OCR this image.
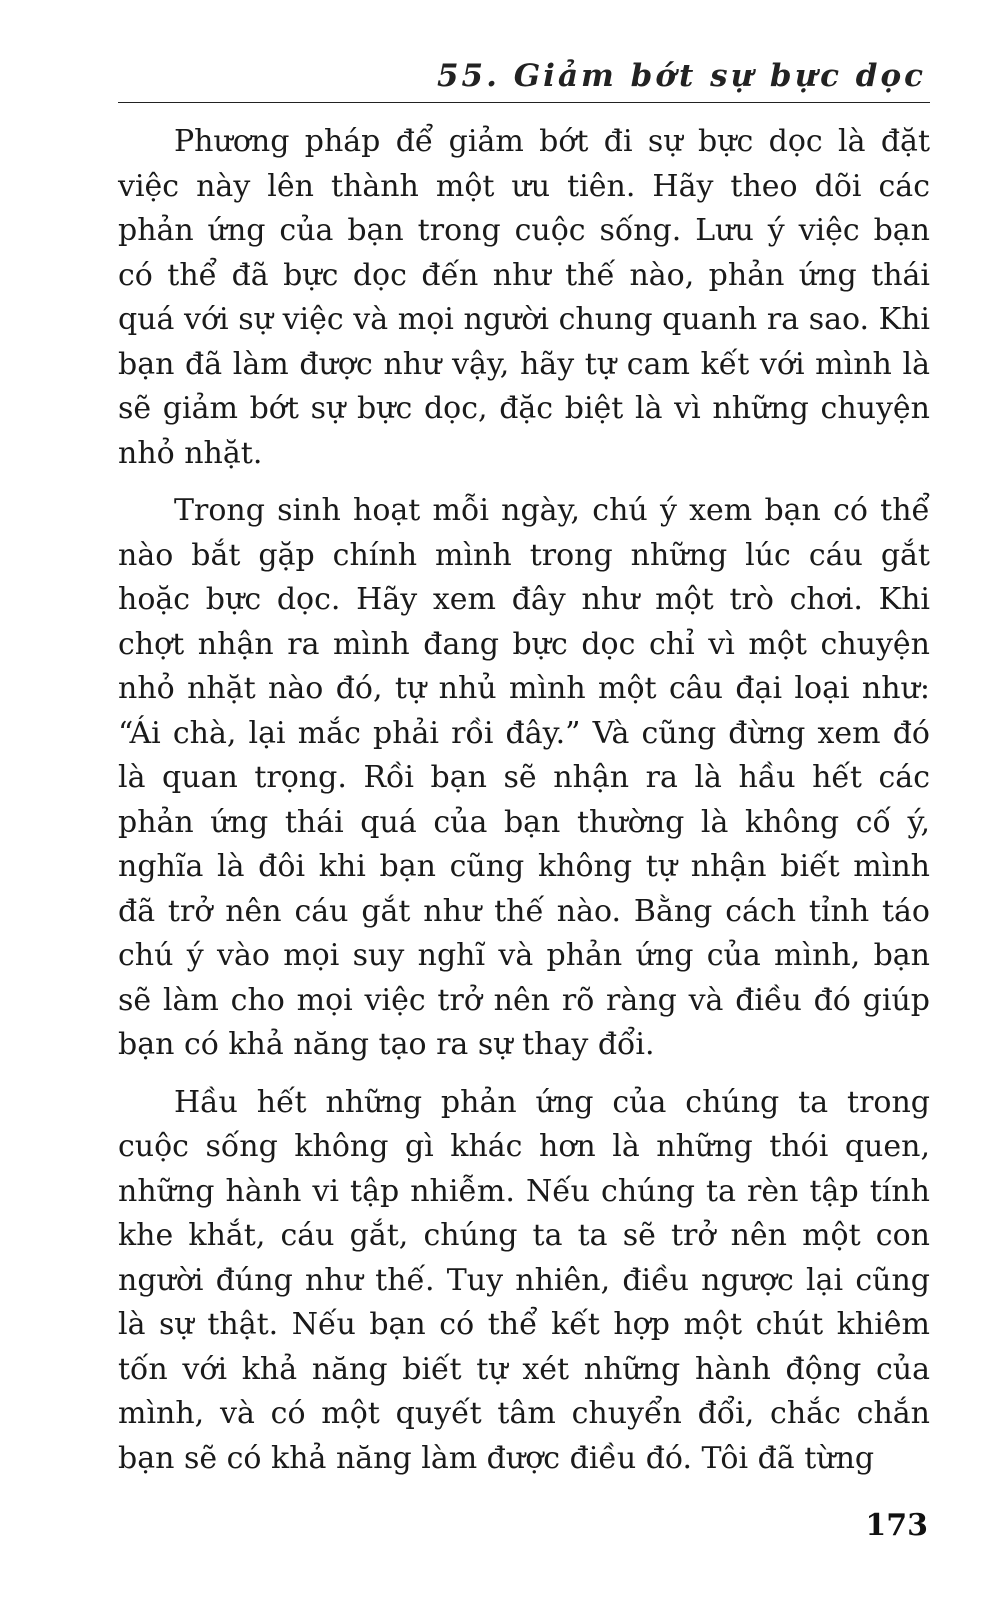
55. Giảm bớt sự bực dọc

Phương pháp để giảm bớt đi sự bực dọc là đặt việc này lên thành một ưu tiên. Hãy theo dõi các phản ứng của bạn trong cuộc sống. Lưu ý việc bạn có thể đã bực dọc đến như thế nào, phản ứng thái quá với sự việc và mọi người chung quanh ra sao. Khi bạn đã làm được như vậy, hãy tự cam kết với mình là sẽ giảm bớt sự bực dọc, đặc biệt là vì những chuyện nhỏ nhặt.

Trong sinh hoạt mỗi ngày, chú ý xem bạn có thể nào bắt gặp chính mình trong những lúc cáu gắt hoặc bực dọc. Hãy xem đây như một trò chơi. Khi chợt nhận ra mình đang bực dọc chỉ vì một chuyện nhỏ nhặt nào đó, tự nhủ mình một câu đại loại như: “Ái chà, lại mắc phải rồi đây.” Và cũng đừng xem đó là quan trọng. Rồi bạn sẽ nhận ra là hầu hết các phản ứng thái quá của bạn thường là không cố ý, nghĩa là đôi khi bạn cũng không tự nhận biết mình đã trở nên cáu gắt như thế nào. Bằng cách tỉnh táo chú ý vào mọi suy nghĩ và phản ứng của mình, bạn sẽ làm cho mọi việc trở nên rõ ràng và điều đó giúp bạn có khả năng tạo ra sự thay đổi.

Hầu hết những phản ứng của chúng ta trong cuộc sống không gì khác hơn là những thói quen, những hành vi tập nhiễm. Nếu chúng ta rèn tập tính khe khắt, cáu gắt, chúng ta ta sẽ trở nên một con người đúng như thế. Tuy nhiên, điều ngược lại cũng là sự thật. Nếu bạn có thể kết hợp một chút khiêm tốn với khả năng biết tự xét những hành động của mình, và có một quyết tâm chuyển đổi, chắc chắn bạn sẽ có khả năng làm được điều đó. Tôi đã từng

173
